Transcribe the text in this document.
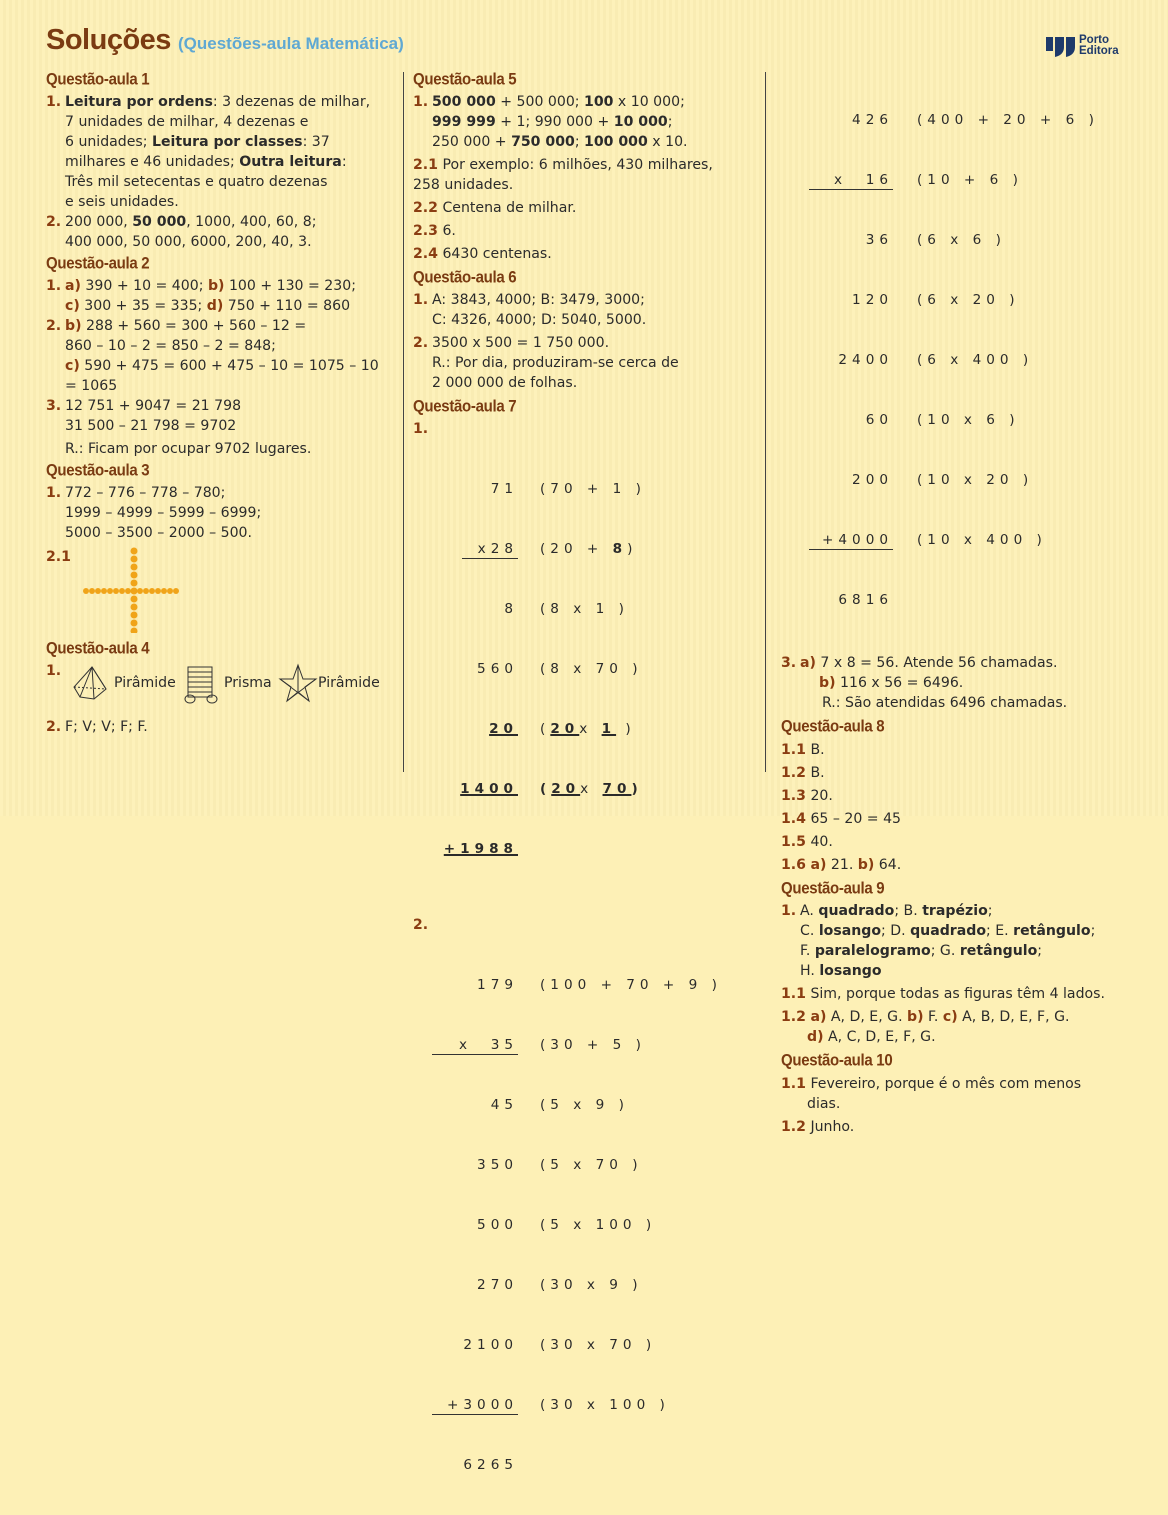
Soluções (Questões-aula Matemática)	Porto
Editora
Questão-aula 1
1. Leitura por ordens: 3 dezenas de milhar,
7 unidades de milhar, 4 dezenas e
6 unidades; Leitura por classes: 37
milhares e 46 unidades; Outra leitura:
Três mil setecentas e quatro dezenas
e seis unidades.
2. 200 000, 50 000, 1000, 400, 60, 8;
400 000, 50 000, 6000, 200, 40, 3.
Questão-aula 2
1. a) 390 + 10 = 400; b) 100 + 130 = 230;
c) 300 + 35 = 335; d) 750 + 110 = 860
2. b) 288 + 560 = 300 + 560 – 12 =
860 – 10 – 2 = 850 – 2 = 848;
c) 590 + 475 = 600 + 475 – 10 = 1075 – 10
= 1065
3. 12 751 + 9047 = 21 798
31 500 – 21 798 = 9702
R.: Ficam por ocupar 9702 lugares.
Questão-aula 3
1. 772 – 776 – 778 – 780;
1999 – 4999 – 5999 – 6999;
5000 – 3500 – 2000 – 500.
2.1
Questão-aula 4
1.
Pirâmide	Prisma	Pirâmide
2. F; V; V; F; F.
Questão-aula 5
1. 500 000 + 500 000; 100 x 10 000;
999 999 + 1; 990 000 + 10 000;
250 000 + 750 000; 100 000 x 10.
2.1 Por exemplo: 6 milhões, 430 milhares,
258 unidades.
2.2 Centena de milhar.
2.3 6.
2.4 6430 centenas.
Questão-aula 6
1. A: 3843, 4000; B: 3479, 3000;
C: 4326, 4000; D: 5040, 5000.
2. 3500 x 500 = 1 750 000.
R.: Por dia, produziram-se cerca de
2 000 000 de folhas.
Questão-aula 7

1.

71 (70 + 1 )

x28 (20 + 8)

8 (8 x 1 )

560 (8 x 70 )

20 (20x 1 )

1400 (20x 70)

+1988

2.

179 (100 + 70 + 9 )

x  35 (30 + 5 )

45 (5 x 9 )

350 (5 x 70 )

500 (5 x 100 )

270 (30 x 9 )

2100 (30 x 70 )

+3000 (30 x 100 )

6265

426 (400 + 20 + 6 )

x  16 (10 + 6 )

36 (6 x 6 )

120 (6 x 20 )

2400 (6 x 400 )

60 (10 x 6 )

200 (10 x 20 )

+4000 (10 x 400 )

6816

3. a) 7 x 8 = 56. Atende 56 chamadas.
b) 116 x 56 = 6496.
R.: São atendidas 6496 chamadas.
Questão-aula 8
1.1 B.
1.2 B.
1.3 20.
1.4 65 – 20 = 45
1.5 40.
1.6 a) 21. b) 64.
Questão-aula 9
1. A. quadrado; B. trapézio;
C. losango; D. quadrado; E. retângulo;
F. paralelogramo; G. retângulo;
H. losango
1.1 Sim, porque todas as figuras têm 4 lados.
1.2 a) A, D, E, G. b) F. c) A, B, D, E, F, G.
d) A, C, D, E, F, G.
Questão-aula 10
1.1 Fevereiro, porque é o mês com menos
dias.
1.2 Junho.
